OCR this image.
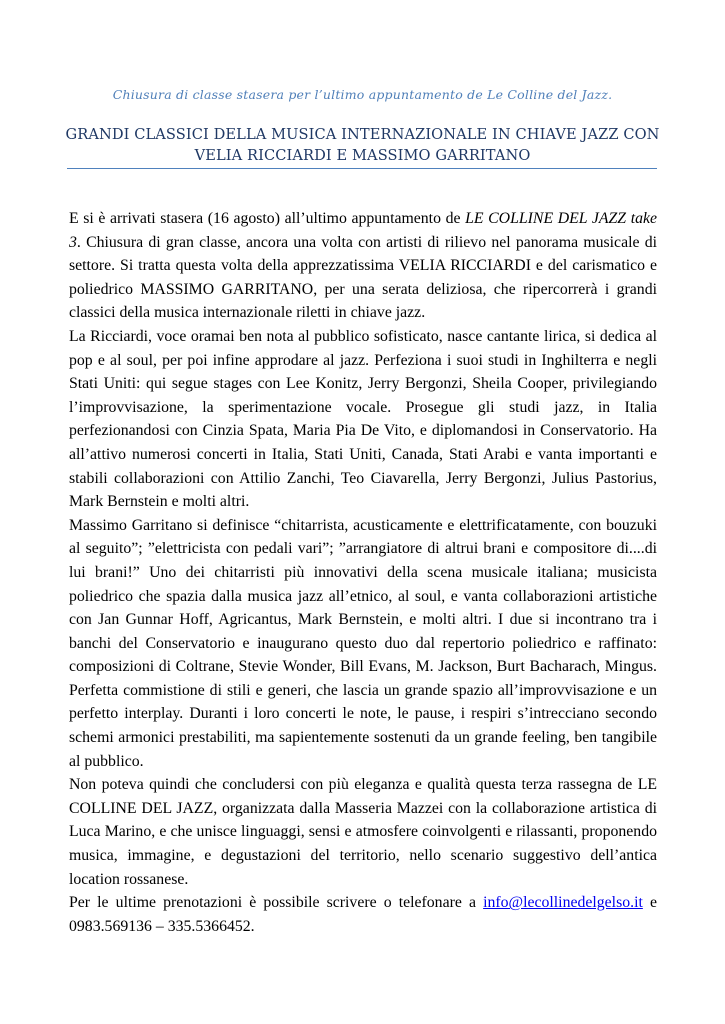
Chiusura di classe stasera per l’ultimo appuntamento de Le Colline del Jazz.
GRANDI CLASSICI DELLA MUSICA INTERNAZIONALE IN CHIAVE JAZZ CON
VELIA RICCIARDI E MASSIMO GARRITANO

E si è arrivati stasera (16 agosto) all’ultimo appuntamento de LE COLLINE DEL JAZZ take 3. Chiusura di gran classe, ancora una volta con artisti di rilievo nel panorama musicale di settore. Si tratta questa volta della apprezzatissima VELIA RICCIARDI e del carismatico e poliedrico MASSIMO GARRITANO, per una serata deliziosa, che ripercorrerà i grandi classici della musica internazionale riletti in chiave jazz.

La Ricciardi, voce oramai ben nota al pubblico sofisticato, nasce cantante lirica, si dedica al pop e al soul, per poi infine approdare al jazz. Perfeziona i suoi studi in Inghilterra e negli Stati Uniti: qui segue stages con Lee Konitz, Jerry Bergonzi, Sheila Cooper, privilegiando l’improvvisazione, la sperimentazione vocale. Prosegue gli studi jazz, in Italia perfezionandosi con Cinzia Spata, Maria Pia De Vito, e diplomandosi in Conservatorio. Ha all’attivo numerosi concerti in Italia, Stati Uniti, Canada, Stati Arabi e vanta importanti e stabili collaborazioni con Attilio Zanchi, Teo Ciavarella, Jerry Bergonzi, Julius Pastorius, Mark Bernstein e molti altri.

Massimo Garritano si definisce “chitarrista, acusticamente e elettrificatamente, con bouzuki al seguito”; ”elettricista con pedali vari”; ”arrangiatore di altrui brani e compositore di....di lui brani!” Uno dei chitarristi più innovativi della scena musicale italiana; musicista poliedrico che spazia dalla musica jazz all’etnico, al soul, e vanta collaborazioni artistiche con Jan Gunnar Hoff, Agricantus, Mark Bernstein, e molti altri. I due si incontrano tra i banchi del Conservatorio e inaugurano questo duo dal repertorio poliedrico e raffinato: composizioni di Coltrane, Stevie Wonder, Bill Evans, M. Jackson, Burt Bacharach, Mingus. Perfetta commistione di stili e generi, che lascia un grande spazio all’improvvisazione e un perfetto interplay. Duranti i loro concerti le note, le pause, i respiri s’intrecciano secondo schemi armonici prestabiliti, ma sapientemente sostenuti da un grande feeling, ben tangibile al pubblico.

Non poteva quindi che concludersi con più eleganza e qualità questa terza rassegna de LE COLLINE DEL JAZZ, organizzata dalla Masseria Mazzei con la collaborazione artistica di Luca Marino, e che unisce linguaggi, sensi e atmosfere coinvolgenti e rilassanti, proponendo musica, immagine, e degustazioni del territorio, nello scenario suggestivo dell’antica location rossanese.

Per le ultime prenotazioni è possibile scrivere o telefonare a info@lecollinedelgelso.it e 0983.569136 – 335.5366452.
